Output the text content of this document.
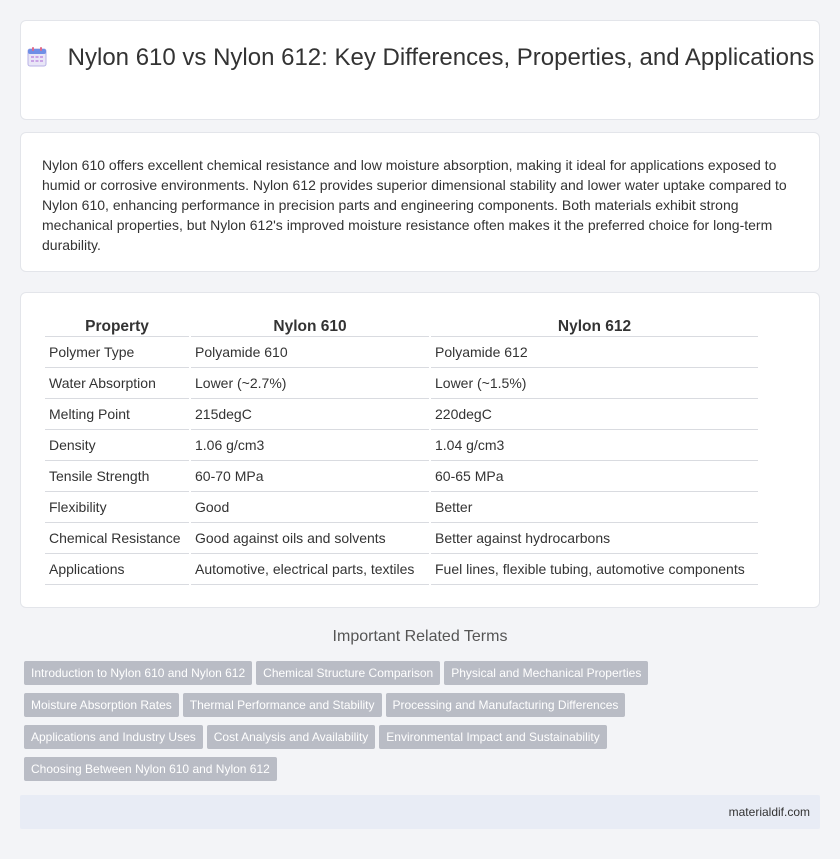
Nylon 610 vs Nylon 612: Key Differences, Properties, and Applications

Nylon 610 offers excellent chemical resistance and low moisture absorption, making it ideal for applications exposed to humid or corrosive environments. Nylon 612 provides superior dimensional stability and lower water uptake compared to Nylon 610, enhancing performance in precision parts and engineering components. Both materials exhibit strong mechanical properties, but Nylon 612's improved moisture resistance often makes it the preferred choice for long-term durability.

Property	Nylon 610	Nylon 612
Polymer Type	Polyamide 610	Polyamide 612
Water Absorption	Lower (~2.7%)	Lower (~1.5%)
Melting Point	215degC	220degC
Density	1.06 g/cm3	1.04 g/cm3
Tensile Strength	60-70 MPa	60-65 MPa
Flexibility	Good	Better
Chemical Resistance	Good against oils and solvents	Better against hydrocarbons
Applications	Automotive, electrical parts, textiles	Fuel lines, flexible tubing, automotive components
Important Related Terms
Introduction to Nylon 610 and Nylon 612 Chemical Structure Comparison Physical and Mechanical Properties
Moisture Absorption Rates Thermal Performance and Stability Processing and Manufacturing Differences
Applications and Industry Uses Cost Analysis and Availability Environmental Impact and Sustainability
Choosing Between Nylon 610 and Nylon 612
materialdif.com
